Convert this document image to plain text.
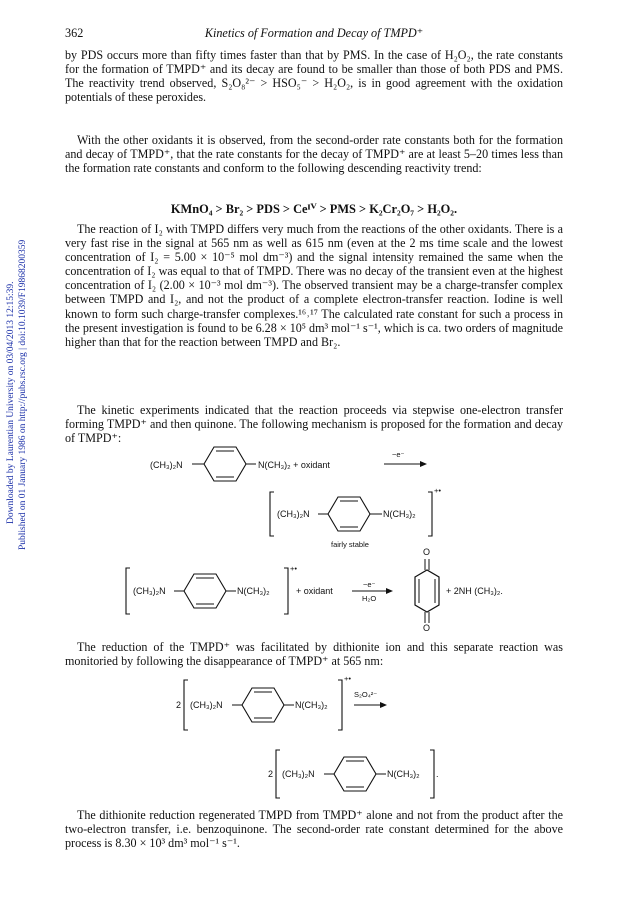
Downloaded by Laurentian University on 03/04/2013 12:15:39. Published on 01 January 1986 on http://pubs.rsc.org | doi:10.1039/F19868200359
362	Kinetics of Formation and Decay of TMPD⁺

by PDS occurs more than fifty times faster than that by PMS. In the case of H₂O₂, the rate constants for the formation of TMPD⁺ and its decay are found to be smaller than those of both PDS and PMS. The reactivity trend observed, S₂O₈²⁻ > HSO₅⁻ > H₂O₂, is in good agreement with the oxidation potentials of these peroxides.

With the other oxidants it is observed, from the second-order rate constants both for the formation and decay of TMPD⁺, that the rate constants for the decay of TMPD⁺ are at least 5–20 times less than the formation rate constants and conform to the following descending reactivity trend:

KMnO₄ > Br₂ > PDS > Ceᴵⱽ > PMS > K₂Cr₂O₇ > H₂O₂.

The reaction of I₂ with TMPD differs very much from the reactions of the other oxidants. There is a very fast rise in the signal at 565 nm as well as 615 nm (even at the 2 ms time scale and the lowest concentration of I₂ = 5.00 × 10⁻⁵ mol dm⁻³) and the signal intensity remained the same when the concentration of I₂ was equal to that of TMPD. There was no decay of the transient even at the highest concentration of I₂ (2.00 × 10⁻³ mol dm⁻³). The observed transient may be a charge-transfer complex between TMPD and I₂, and not the product of a complete electron-transfer reaction. Iodine is well known to form such charge-transfer complexes.¹⁶˒¹⁷ The calculated rate constant for such a process in the present investigation is found to be 6.28 × 10⁵ dm³ mol⁻¹ s⁻¹, which is ca. two orders of magnitude higher than that for the reaction between TMPD and Br₂.

The kinetic experiments indicated that the reaction proceeds via stepwise one-electron transfer forming TMPD⁺ and then quinone. The following mechanism is proposed for the formation and decay of TMPD⁺:

(CH₃)₂N	N(CH₃)₂ + oxidant
−e⁻
(CH₃)₂N	N(CH₃)₂
+•
fairly stable
(CH₃)₂N	N(CH₃)₂
+•
+ oxidant
−e⁻
H₂O
O
O
+ 2NH (CH₃)₂.

The reduction of the TMPD⁺ was facilitated by dithionite ion and this separate reaction was monitoried by following the disappearance of TMPD⁺ at 565 nm:

2 (CH₃)₂N	N(CH₃)₂
+•
S₂O₄²⁻
2 (CH₃)₂N	N(CH₃)₂ .

The dithionite reduction regenerated TMPD from TMPD⁺ alone and not from the product after the two-electron transfer, i.e. benzoquinone. The second-order rate constant determined for the above process is 8.30 × 10³ dm³ mol⁻¹ s⁻¹.
